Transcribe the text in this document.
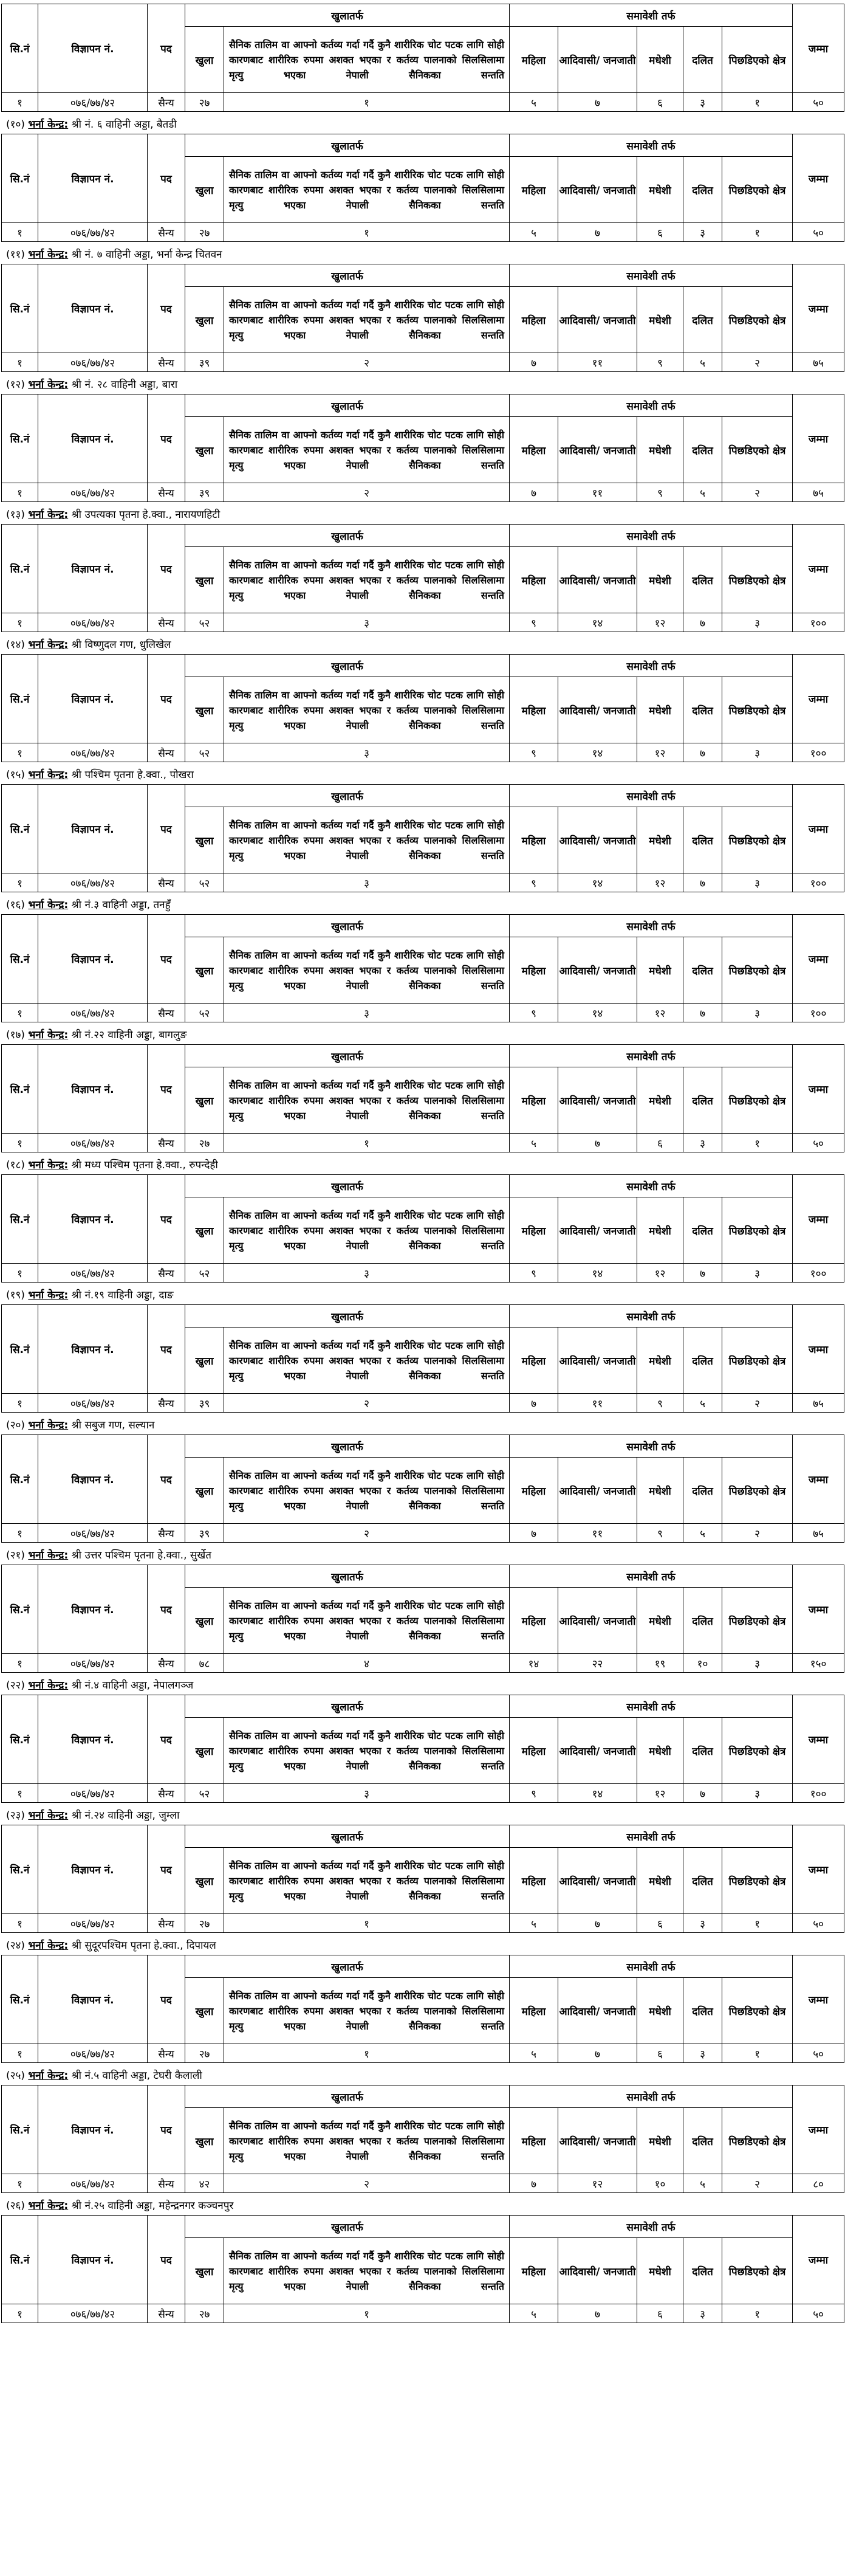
सि.नं	विज्ञापन नं.	पद	खुलातर्फ		समावेशी तर्फ					जम्मा
			खुला	सैनिक तालिम वा आफ्नो कर्तव्य गर्दा गर्दै कुनै शारीरिक चोट पटक लागि सोही कारणबाट शारीरिक रुपमा अशक्त भएका र कर्तव्य पालनाको सिलसिलामा मृत्यु भएका नेपाली सैनिकका सन्तति	महिला	आदिवासी/ जनजाती	मधेशी	दलित	पिछडिएको क्षेत्र	
१	०७६/७७/४२	सैन्य	२७	१	५	७	६	३	१	५०
(१०) भर्ना केन्द्र: श्री नं. ६ वाहिनी अड्डा, बैतडी
सि.नं	विज्ञापन नं.	पद	खुलातर्फ		समावेशी तर्फ					जम्मा
			खुला	सैनिक तालिम वा आफ्नो कर्तव्य गर्दा गर्दै कुनै शारीरिक चोट पटक लागि सोही कारणबाट शारीरिक रुपमा अशक्त भएका र कर्तव्य पालनाको सिलसिलामा मृत्यु भएका नेपाली सैनिकका सन्तति	महिला	आदिवासी/ जनजाती	मधेशी	दलित	पिछडिएको क्षेत्र	
१	०७६/७७/४२	सैन्य	२७	१	५	७	६	३	१	५०
(११) भर्ना केन्द्र: श्री नं. ७ वाहिनी अड्डा, भर्ना केन्द्र चितवन
सि.नं	विज्ञापन नं.	पद	खुलातर्फ		समावेशी तर्फ					जम्मा
			खुला	सैनिक तालिम वा आफ्नो कर्तव्य गर्दा गर्दै कुनै शारीरिक चोट पटक लागि सोही कारणबाट शारीरिक रुपमा अशक्त भएका र कर्तव्य पालनाको सिलसिलामा मृत्यु भएका नेपाली सैनिकका सन्तति	महिला	आदिवासी/ जनजाती	मधेशी	दलित	पिछडिएको क्षेत्र	
१	०७६/७७/४२	सैन्य	३९	२	७	११	९	५	२	७५
(१२) भर्ना केन्द्र: श्री नं. २८ वाहिनी अड्डा, बारा
सि.नं	विज्ञापन नं.	पद	खुलातर्फ		समावेशी तर्फ					जम्मा
			खुला	सैनिक तालिम वा आफ्नो कर्तव्य गर्दा गर्दै कुनै शारीरिक चोट पटक लागि सोही कारणबाट शारीरिक रुपमा अशक्त भएका र कर्तव्य पालनाको सिलसिलामा मृत्यु भएका नेपाली सैनिकका सन्तति	महिला	आदिवासी/ जनजाती	मधेशी	दलित	पिछडिएको क्षेत्र	
१	०७६/७७/४२	सैन्य	३९	२	७	११	९	५	२	७५
(१३) भर्ना केन्द्र: श्री उपत्यका पृतना हे.क्वा., नारायणहिटी
सि.नं	विज्ञापन नं.	पद	खुलातर्फ		समावेशी तर्फ					जम्मा
			खुला	सैनिक तालिम वा आफ्नो कर्तव्य गर्दा गर्दै कुनै शारीरिक चोट पटक लागि सोही कारणबाट शारीरिक रुपमा अशक्त भएका र कर्तव्य पालनाको सिलसिलामा मृत्यु भएका नेपाली सैनिकका सन्तति	महिला	आदिवासी/ जनजाती	मधेशी	दलित	पिछडिएको क्षेत्र	
१	०७६/७७/४२	सैन्य	५२	३	९	१४	१२	७	३	१००
(१४) भर्ना केन्द्र: श्री विष्णुदल गण, धुलिखेल
सि.नं	विज्ञापन नं.	पद	खुलातर्फ		समावेशी तर्फ					जम्मा
			खुला	सैनिक तालिम वा आफ्नो कर्तव्य गर्दा गर्दै कुनै शारीरिक चोट पटक लागि सोही कारणबाट शारीरिक रुपमा अशक्त भएका र कर्तव्य पालनाको सिलसिलामा मृत्यु भएका नेपाली सैनिकका सन्तति	महिला	आदिवासी/ जनजाती	मधेशी	दलित	पिछडिएको क्षेत्र	
१	०७६/७७/४२	सैन्य	५२	३	९	१४	१२	७	३	१००
(१५) भर्ना केन्द्र: श्री पश्चिम पृतना हे.क्वा., पोखरा
सि.नं	विज्ञापन नं.	पद	खुलातर्फ		समावेशी तर्फ					जम्मा
			खुला	सैनिक तालिम वा आफ्नो कर्तव्य गर्दा गर्दै कुनै शारीरिक चोट पटक लागि सोही कारणबाट शारीरिक रुपमा अशक्त भएका र कर्तव्य पालनाको सिलसिलामा मृत्यु भएका नेपाली सैनिकका सन्तति	महिला	आदिवासी/ जनजाती	मधेशी	दलित	पिछडिएको क्षेत्र	
१	०७६/७७/४२	सैन्य	५२	३	९	१४	१२	७	३	१००
(१६) भर्ना केन्द्र: श्री नं.३ वाहिनी अड्डा, तनहुँ
सि.नं	विज्ञापन नं.	पद	खुलातर्फ		समावेशी तर्फ					जम्मा
			खुला	सैनिक तालिम वा आफ्नो कर्तव्य गर्दा गर्दै कुनै शारीरिक चोट पटक लागि सोही कारणबाट शारीरिक रुपमा अशक्त भएका र कर्तव्य पालनाको सिलसिलामा मृत्यु भएका नेपाली सैनिकका सन्तति	महिला	आदिवासी/ जनजाती	मधेशी	दलित	पिछडिएको क्षेत्र	
१	०७६/७७/४२	सैन्य	५२	३	९	१४	१२	७	३	१००
(१७) भर्ना केन्द्र: श्री नं.२२ वाहिनी अड्डा, बागलुङ
सि.नं	विज्ञापन नं.	पद	खुलातर्फ		समावेशी तर्फ					जम्मा
			खुला	सैनिक तालिम वा आफ्नो कर्तव्य गर्दा गर्दै कुनै शारीरिक चोट पटक लागि सोही कारणबाट शारीरिक रुपमा अशक्त भएका र कर्तव्य पालनाको सिलसिलामा मृत्यु भएका नेपाली सैनिकका सन्तति	महिला	आदिवासी/ जनजाती	मधेशी	दलित	पिछडिएको क्षेत्र	
१	०७६/७७/४२	सैन्य	२७	१	५	७	६	३	१	५०
(१८) भर्ना केन्द्र: श्री मध्य पश्चिम पृतना हे.क्वा., रुपन्देही
सि.नं	विज्ञापन नं.	पद	खुलातर्फ		समावेशी तर्फ					जम्मा
			खुला	सैनिक तालिम वा आफ्नो कर्तव्य गर्दा गर्दै कुनै शारीरिक चोट पटक लागि सोही कारणबाट शारीरिक रुपमा अशक्त भएका र कर्तव्य पालनाको सिलसिलामा मृत्यु भएका नेपाली सैनिकका सन्तति	महिला	आदिवासी/ जनजाती	मधेशी	दलित	पिछडिएको क्षेत्र	
१	०७६/७७/४२	सैन्य	५२	३	९	१४	१२	७	३	१००
(१९) भर्ना केन्द्र: श्री नं.१९ वाहिनी अड्डा, दाङ
सि.नं	विज्ञापन नं.	पद	खुलातर्फ		समावेशी तर्फ					जम्मा
			खुला	सैनिक तालिम वा आफ्नो कर्तव्य गर्दा गर्दै कुनै शारीरिक चोट पटक लागि सोही कारणबाट शारीरिक रुपमा अशक्त भएका र कर्तव्य पालनाको सिलसिलामा मृत्यु भएका नेपाली सैनिकका सन्तति	महिला	आदिवासी/ जनजाती	मधेशी	दलित	पिछडिएको क्षेत्र	
१	०७६/७७/४२	सैन्य	३९	२	७	११	९	५	२	७५
(२०) भर्ना केन्द्र: श्री सबुज गण, सल्यान
सि.नं	विज्ञापन नं.	पद	खुलातर्फ		समावेशी तर्फ					जम्मा
			खुला	सैनिक तालिम वा आफ्नो कर्तव्य गर्दा गर्दै कुनै शारीरिक चोट पटक लागि सोही कारणबाट शारीरिक रुपमा अशक्त भएका र कर्तव्य पालनाको सिलसिलामा मृत्यु भएका नेपाली सैनिकका सन्तति	महिला	आदिवासी/ जनजाती	मधेशी	दलित	पिछडिएको क्षेत्र	
१	०७६/७७/४२	सैन्य	३९	२	७	११	९	५	२	७५
(२१) भर्ना केन्द्र: श्री उत्तर पश्चिम पृतना हे.क्वा., सुर्खेत
सि.नं	विज्ञापन नं.	पद	खुलातर्फ		समावेशी तर्फ					जम्मा
			खुला	सैनिक तालिम वा आफ्नो कर्तव्य गर्दा गर्दै कुनै शारीरिक चोट पटक लागि सोही कारणबाट शारीरिक रुपमा अशक्त भएका र कर्तव्य पालनाको सिलसिलामा मृत्यु भएका नेपाली सैनिकका सन्तति	महिला	आदिवासी/ जनजाती	मधेशी	दलित	पिछडिएको क्षेत्र	
१	०७६/७७/४२	सैन्य	७८	४	१४	२२	१९	१०	३	१५०
(२२) भर्ना केन्द्र: श्री नं.४ वाहिनी अड्डा, नेपालगञ्ज
सि.नं	विज्ञापन नं.	पद	खुलातर्फ		समावेशी तर्फ					जम्मा
			खुला	सैनिक तालिम वा आफ्नो कर्तव्य गर्दा गर्दै कुनै शारीरिक चोट पटक लागि सोही कारणबाट शारीरिक रुपमा अशक्त भएका र कर्तव्य पालनाको सिलसिलामा मृत्यु भएका नेपाली सैनिकका सन्तति	महिला	आदिवासी/ जनजाती	मधेशी	दलित	पिछडिएको क्षेत्र	
१	०७६/७७/४२	सैन्य	५२	३	९	१४	१२	७	३	१००
(२३) भर्ना केन्द्र: श्री नं.२४ वाहिनी अड्डा, जुम्ला
सि.नं	विज्ञापन नं.	पद	खुलातर्फ		समावेशी तर्फ					जम्मा
			खुला	सैनिक तालिम वा आफ्नो कर्तव्य गर्दा गर्दै कुनै शारीरिक चोट पटक लागि सोही कारणबाट शारीरिक रुपमा अशक्त भएका र कर्तव्य पालनाको सिलसिलामा मृत्यु भएका नेपाली सैनिकका सन्तति	महिला	आदिवासी/ जनजाती	मधेशी	दलित	पिछडिएको क्षेत्र	
१	०७६/७७/४२	सैन्य	२७	१	५	७	६	३	१	५०
(२४) भर्ना केन्द्र: श्री सुदूरपश्चिम पृतना हे.क्वा., दिपायल
सि.नं	विज्ञापन नं.	पद	खुलातर्फ		समावेशी तर्फ					जम्मा
			खुला	सैनिक तालिम वा आफ्नो कर्तव्य गर्दा गर्दै कुनै शारीरिक चोट पटक लागि सोही कारणबाट शारीरिक रुपमा अशक्त भएका र कर्तव्य पालनाको सिलसिलामा मृत्यु भएका नेपाली सैनिकका सन्तति	महिला	आदिवासी/ जनजाती	मधेशी	दलित	पिछडिएको क्षेत्र	
१	०७६/७७/४२	सैन्य	२७	१	५	७	६	३	१	५०
(२५) भर्ना केन्द्र: श्री नं.५ वाहिनी अड्डा, टेघरी कैलाली
सि.नं	विज्ञापन नं.	पद	खुलातर्फ		समावेशी तर्फ					जम्मा
			खुला	सैनिक तालिम वा आफ्नो कर्तव्य गर्दा गर्दै कुनै शारीरिक चोट पटक लागि सोही कारणबाट शारीरिक रुपमा अशक्त भएका र कर्तव्य पालनाको सिलसिलामा मृत्यु भएका नेपाली सैनिकका सन्तति	महिला	आदिवासी/ जनजाती	मधेशी	दलित	पिछडिएको क्षेत्र	
१	०७६/७७/४२	सैन्य	४२	२	७	१२	१०	५	२	८०
(२६) भर्ना केन्द्र: श्री नं.२५ वाहिनी अड्डा, महेन्द्रनगर कञ्चनपुर
सि.नं	विज्ञापन नं.	पद	खुलातर्फ		समावेशी तर्फ					जम्मा
			खुला	सैनिक तालिम वा आफ्नो कर्तव्य गर्दा गर्दै कुनै शारीरिक चोट पटक लागि सोही कारणबाट शारीरिक रुपमा अशक्त भएका र कर्तव्य पालनाको सिलसिलामा मृत्यु भएका नेपाली सैनिकका सन्तति	महिला	आदिवासी/ जनजाती	मधेशी	दलित	पिछडिएको क्षेत्र	
१	०७६/७७/४२	सैन्य	२७	१	५	७	६	३	१	५०
